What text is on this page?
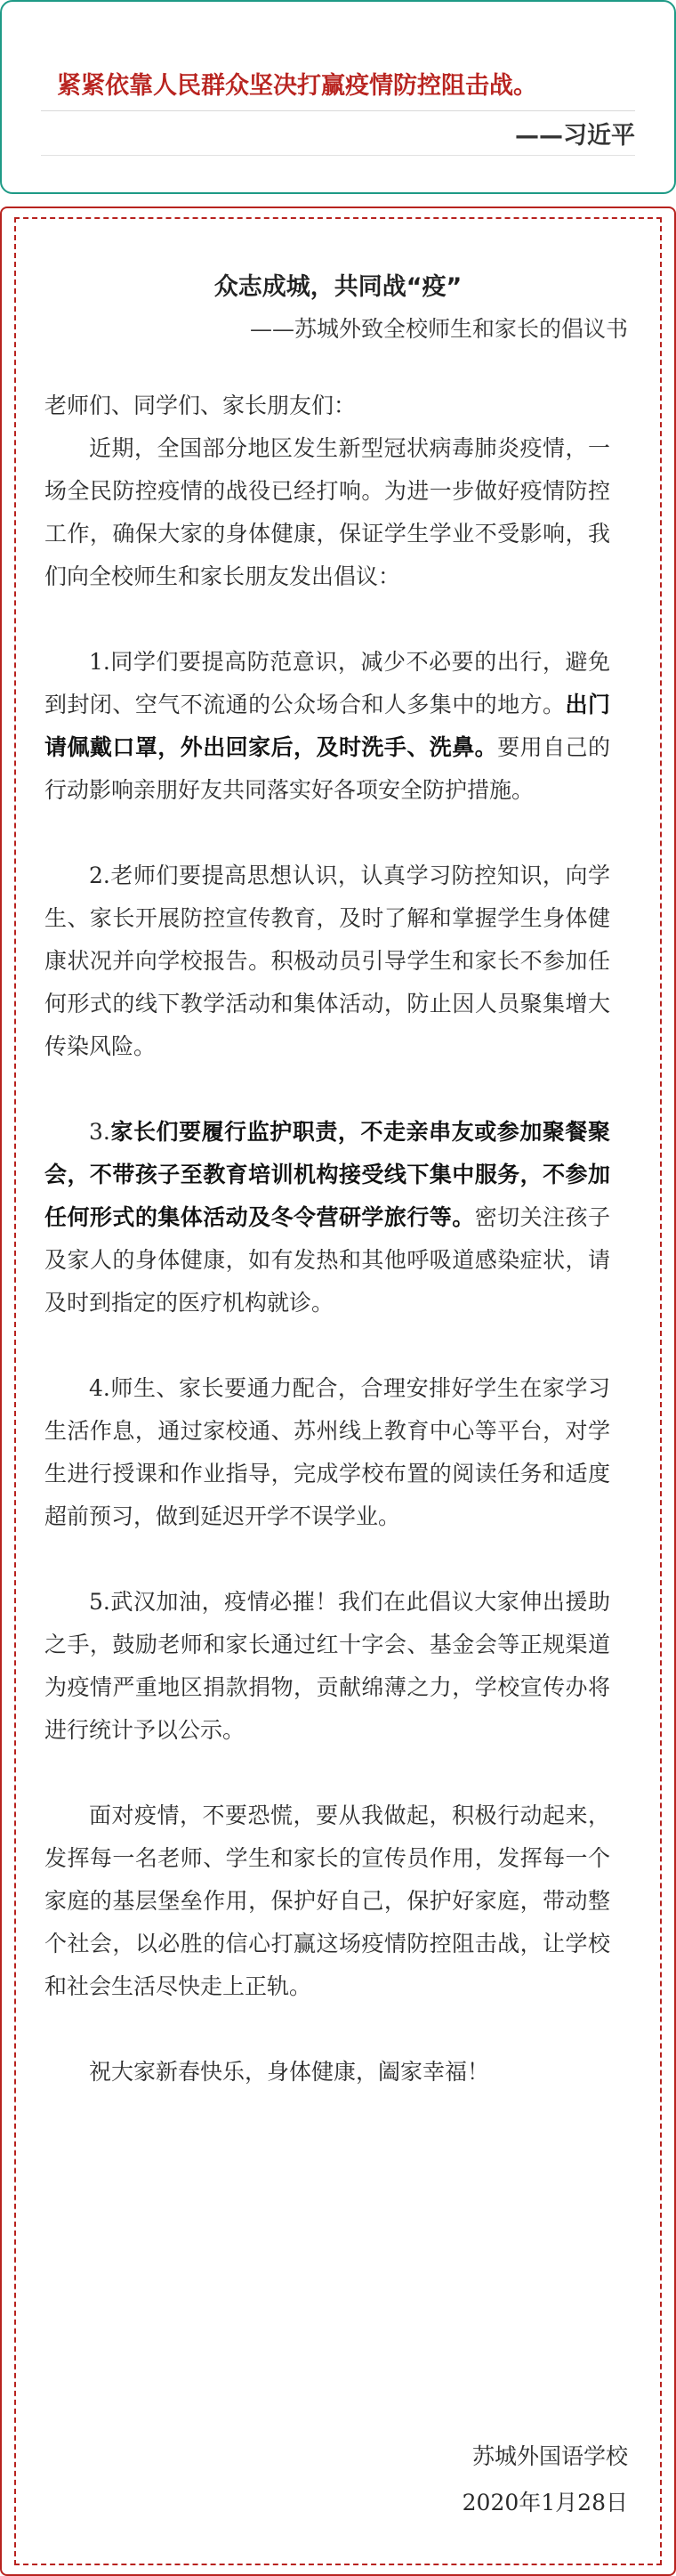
紧紧依靠人民群众坚决打赢疫情防控阻击战。
——习近平
众志成城，共同战“疫”
——苏城外致全校师生和家长的倡议书

老师们、同学们、家长朋友们：

近期，全国部分地区发生新型冠状病毒肺炎疫情，一场全民防控疫情的战役已经打响。为进一步做好疫情防控工作，确保大家的身体健康，保证学生学业不受影响，我们向全校师生和家长朋友发出倡议：

1.同学们要提高防范意识，减少不必要的出行，避免到封闭、空气不流通的公众场合和人多集中的地方。出门请佩戴口罩，外出回家后，及时洗手、洗鼻。要用自己的行动影响亲朋好友共同落实好各项安全防护措施。

2.老师们要提高思想认识，认真学习防控知识，向学生、家长开展防控宣传教育，及时了解和掌握学生身体健康状况并向学校报告。积极动员引导学生和家长不参加任何形式的线下教学活动和集体活动，防止因人员聚集增大传染风险。

3.家长们要履行监护职责，不走亲串友或参加聚餐聚会，不带孩子至教育培训机构接受线下集中服务，不参加任何形式的集体活动及冬令营研学旅行等。密切关注孩子及家人的身体健康，如有发热和其他呼吸道感染症状，请及时到指定的医疗机构就诊。

4.师生、家长要通力配合，合理安排好学生在家学习生活作息，通过家校通、苏州线上教育中心等平台，对学生进行授课和作业指导，完成学校布置的阅读任务和适度超前预习，做到延迟开学不误学业。

5.武汉加油，疫情必摧！我们在此倡议大家伸出援助之手，鼓励老师和家长通过红十字会、基金会等正规渠道为疫情严重地区捐款捐物，贡献绵薄之力，学校宣传办将进行统计予以公示。

面对疫情，不要恐慌，要从我做起，积极行动起来，发挥每一名老师、学生和家长的宣传员作用，发挥每一个家庭的基层堡垒作用，保护好自己，保护好家庭，带动整个社会，以必胜的信心打赢这场疫情防控阻击战，让学校和社会生活尽快走上正轨。

祝大家新春快乐，身体健康，阖家幸福！

苏城外国语学校
2020年1月28日
